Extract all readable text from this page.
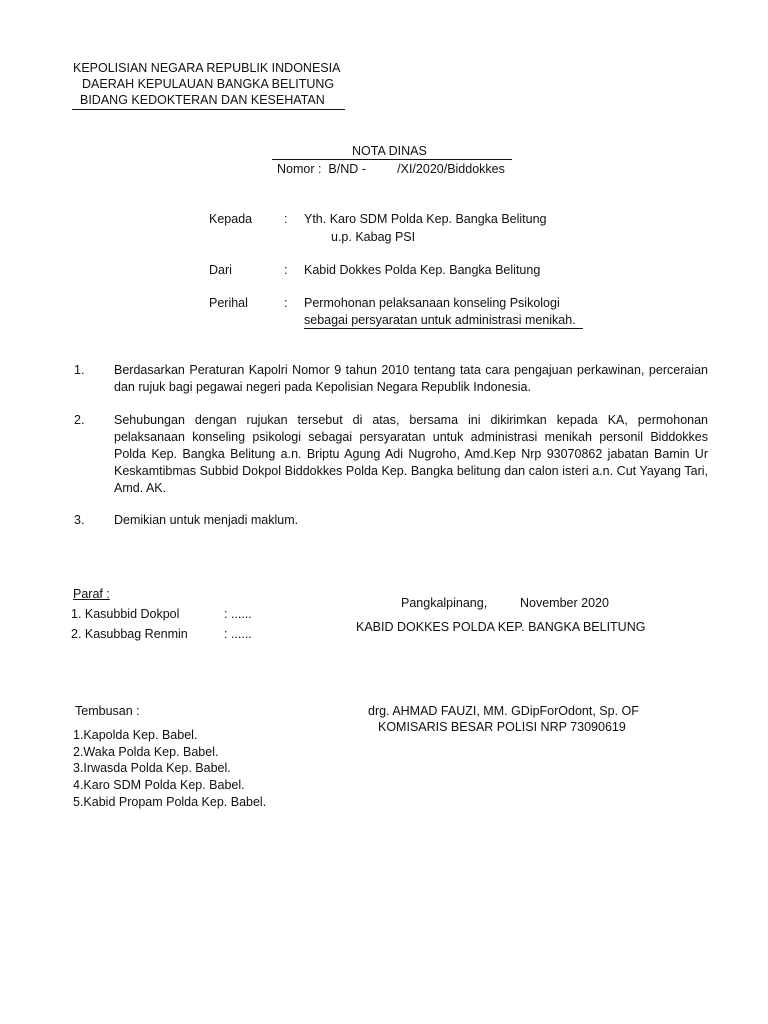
KEPOLISIAN NEGARA REPUBLIK INDONESIA
DAERAH KEPULAUAN BANGKA BELITUNG
BIDANG KEDOKTERAN DAN KESEHATAN
NOTA DINAS
Nomor :  B/ND -         /XI/2020/Biddokkes
Kepada	: Yth. Karo SDM Polda Kep. Bangka Belitung
u.p. Kabag PSI
Dari	: Kabid Dokkes Polda Kep. Bangka Belitung
Perihal	: Permohonan pelaksanaan konseling Psikologi
sebagai persyaratan untuk administrasi menikah.
1. Berdasarkan Peraturan Kapolri Nomor 9 tahun 2010 tentang tata cara pengajuan perkawinan, perceraian dan rujuk bagi pegawai negeri pada Kepolisian Negara Republik Indonesia.
2. Sehubungan dengan rujukan tersebut di atas, bersama ini dikirimkan kepada KA, permohonan pelaksanaan konseling psikologi sebagai persyaratan untuk administrasi menikah personil Biddokkes Polda Kep. Bangka Belitung a.n. Briptu Agung Adi Nugroho, Amd.Kep Nrp 93070862 jabatan Bamin Ur Keskamtibmas Subbid Dokpol Biddokkes Polda Kep. Bangka belitung dan calon isteri a.n. Cut Yayang Tari, Amd. AK.
3. Demikian untuk menjadi maklum.
Paraf :
1. Kasubbid Dokpol	: ......
2. Kasubbag Renmin	: ......
Pangkalpinang,	November 2020
KABID DOKKES POLDA KEP. BANGKA BELITUNG
drg. AHMAD FAUZI, MM. GDipForOdont, Sp. OF
KOMISARIS BESAR POLISI NRP 73090619
Tembusan :
1.Kapolda Kep. Babel.
2.Waka Polda Kep. Babel.
3.Irwasda Polda Kep. Babel.
4.Karo SDM Polda Kep. Babel.
5.Kabid Propam Polda Kep. Babel.
